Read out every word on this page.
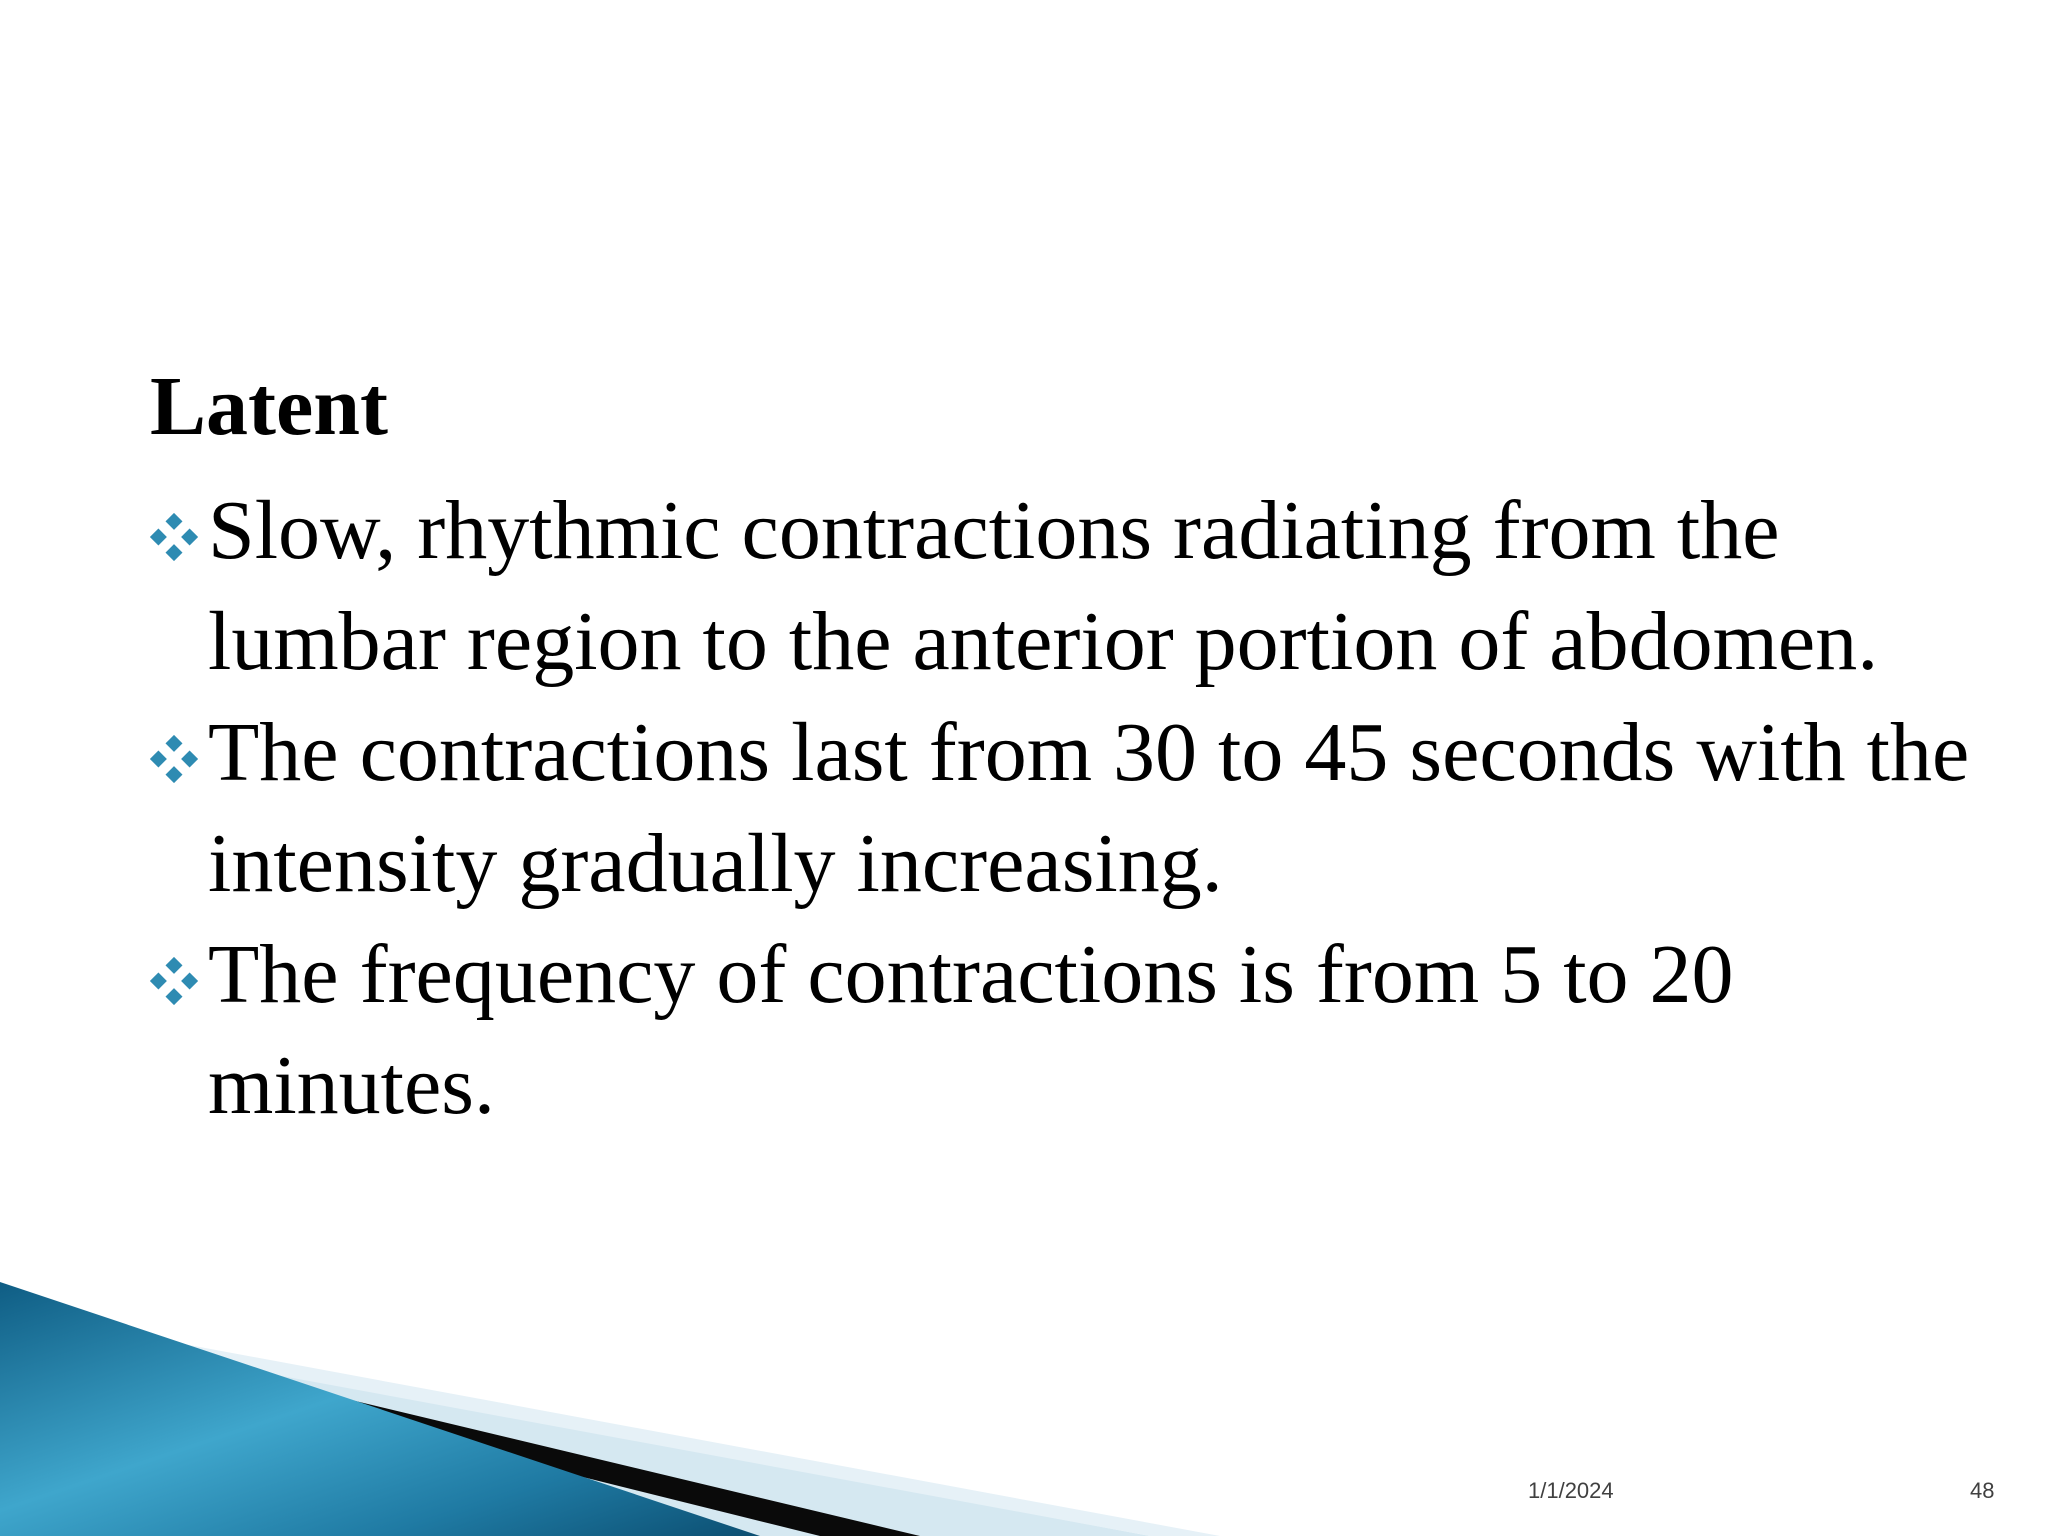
Latent
Slow, rhythmic contractions radiating from the lumbar region to the anterior portion of abdomen.
The contractions last from 30 to 45 seconds with the intensity gradually increasing.
The frequency of contractions is from 5 to 20 minutes.
1/1/2024	48
